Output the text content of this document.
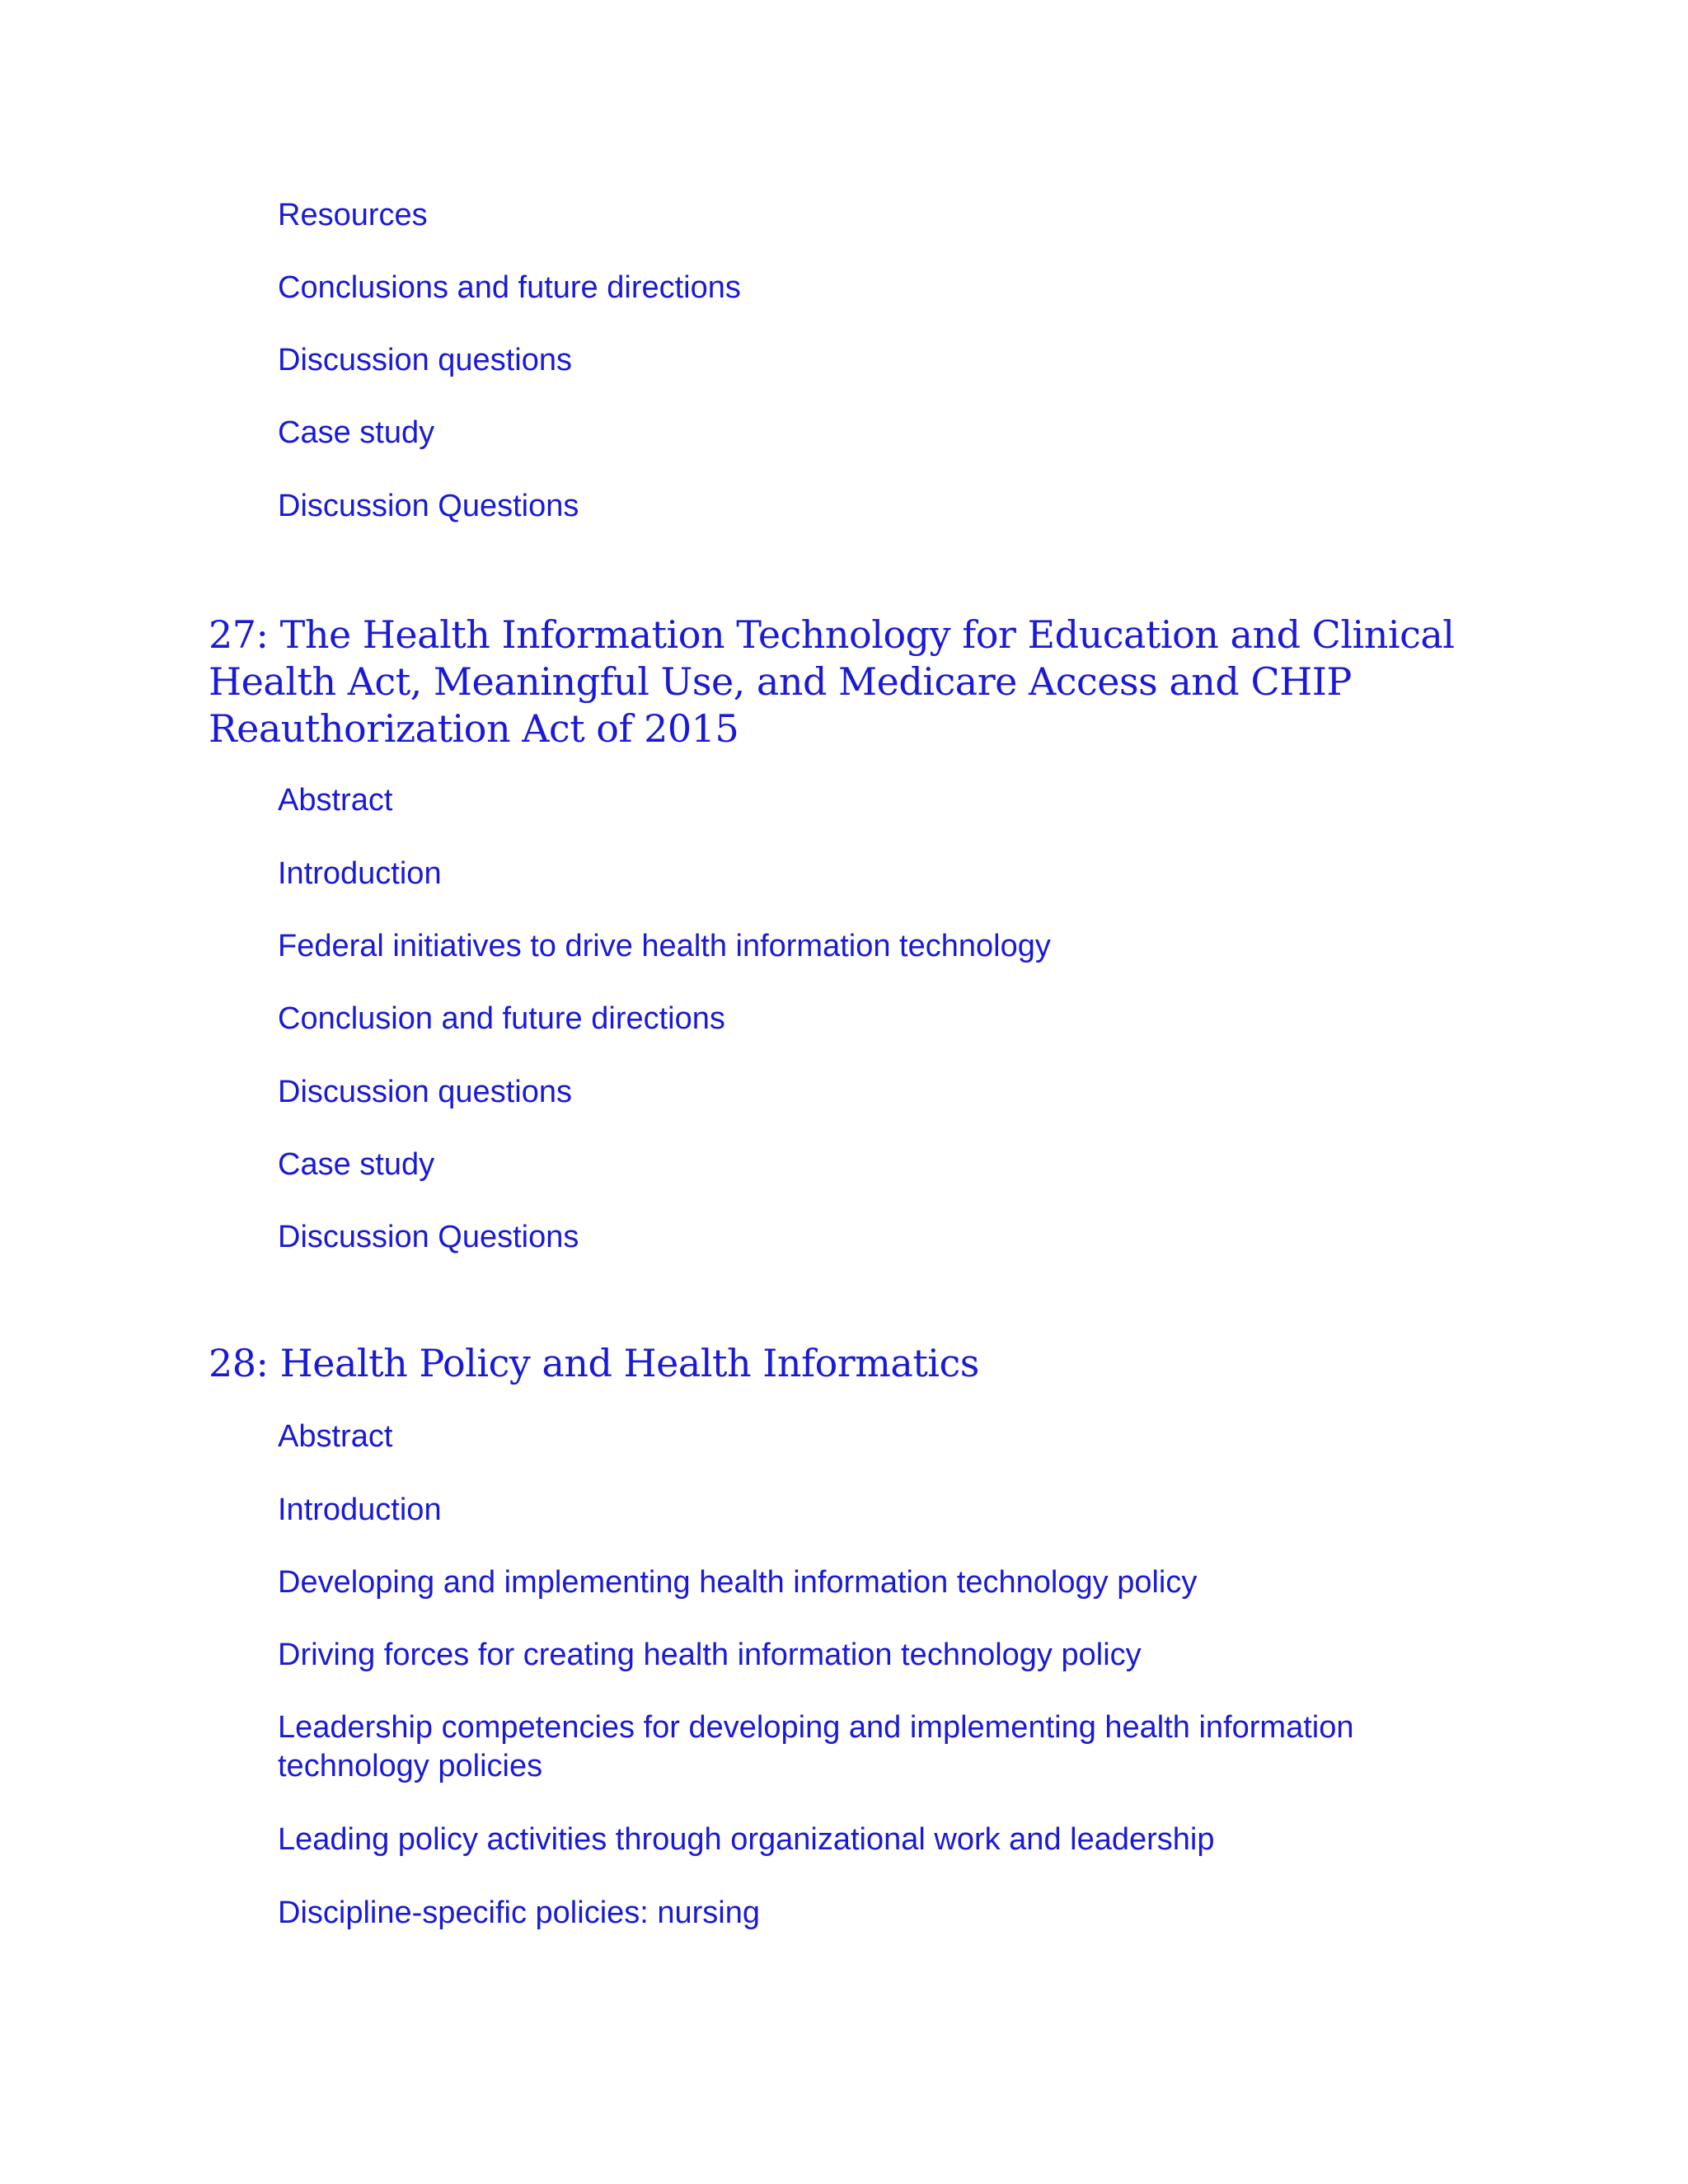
Resources
Conclusions and future directions
Discussion questions
Case study
Discussion Questions
27: The Health Information Technology for Education and Clinical Health Act, Meaningful Use, and Medicare Access and CHIP Reauthorization Act of 2015
Abstract
Introduction
Federal initiatives to drive health information technology
Conclusion and future directions
Discussion questions
Case study
Discussion Questions
28: Health Policy and Health Informatics
Abstract
Introduction
Developing and implementing health information technology policy
Driving forces for creating health information technology policy
Leadership competencies for developing and implementing health information technology policies
Leading policy activities through organizational work and leadership
Discipline-specific policies: nursing
